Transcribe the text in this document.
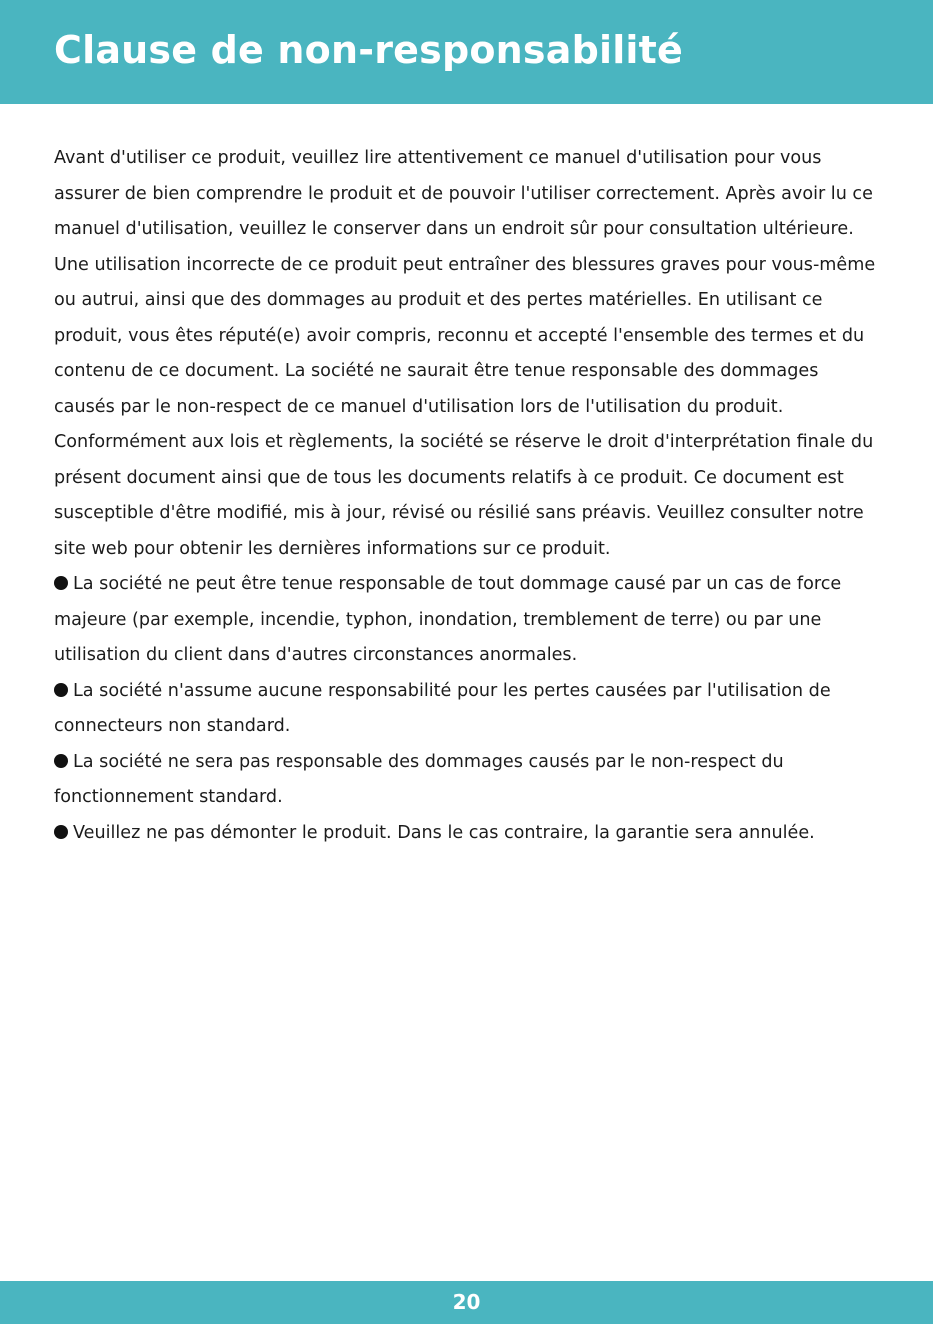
Clause de non-responsabilité

Avant d'utiliser ce produit, veuillez lire attentivement ce manuel d'utilisation pour vous assurer de bien comprendre le produit et de pouvoir l'utiliser correctement. Après avoir lu ce manuel d'utilisation, veuillez le conserver dans un endroit sûr pour consultation ultérieure. Une utilisation incorrecte de ce produit peut entraîner des blessures graves pour vous-même ou autrui, ainsi que des dommages au produit et des pertes matérielles. En utilisant ce produit, vous êtes réputé(e) avoir compris, reconnu et accepté l'ensemble des termes et du contenu de ce document. La société ne saurait être tenue responsable des dommages causés par le non-respect de ce manuel d'utilisation lors de l'utilisation du produit. Conformément aux lois et règlements, la société se réserve le droit d'interprétation finale du présent document ainsi que de tous les documents relatifs à ce produit. Ce document est susceptible d'être modifié, mis à jour, révisé ou résilié sans préavis. Veuillez consulter notre site web pour obtenir les dernières informations sur ce produit.

La société ne peut être tenue responsable de tout dommage causé par un cas de force majeure (par exemple, incendie, typhon, inondation, tremblement de terre) ou par une utilisation du client dans d'autres circonstances anormales.

La société n'assume aucune responsabilité pour les pertes causées par l'utilisation de connecteurs non standard.

La société ne sera pas responsable des dommages causés par le non-respect du fonctionnement standard.

Veuillez ne pas démonter le produit. Dans le cas contraire, la garantie sera annulée.

20
